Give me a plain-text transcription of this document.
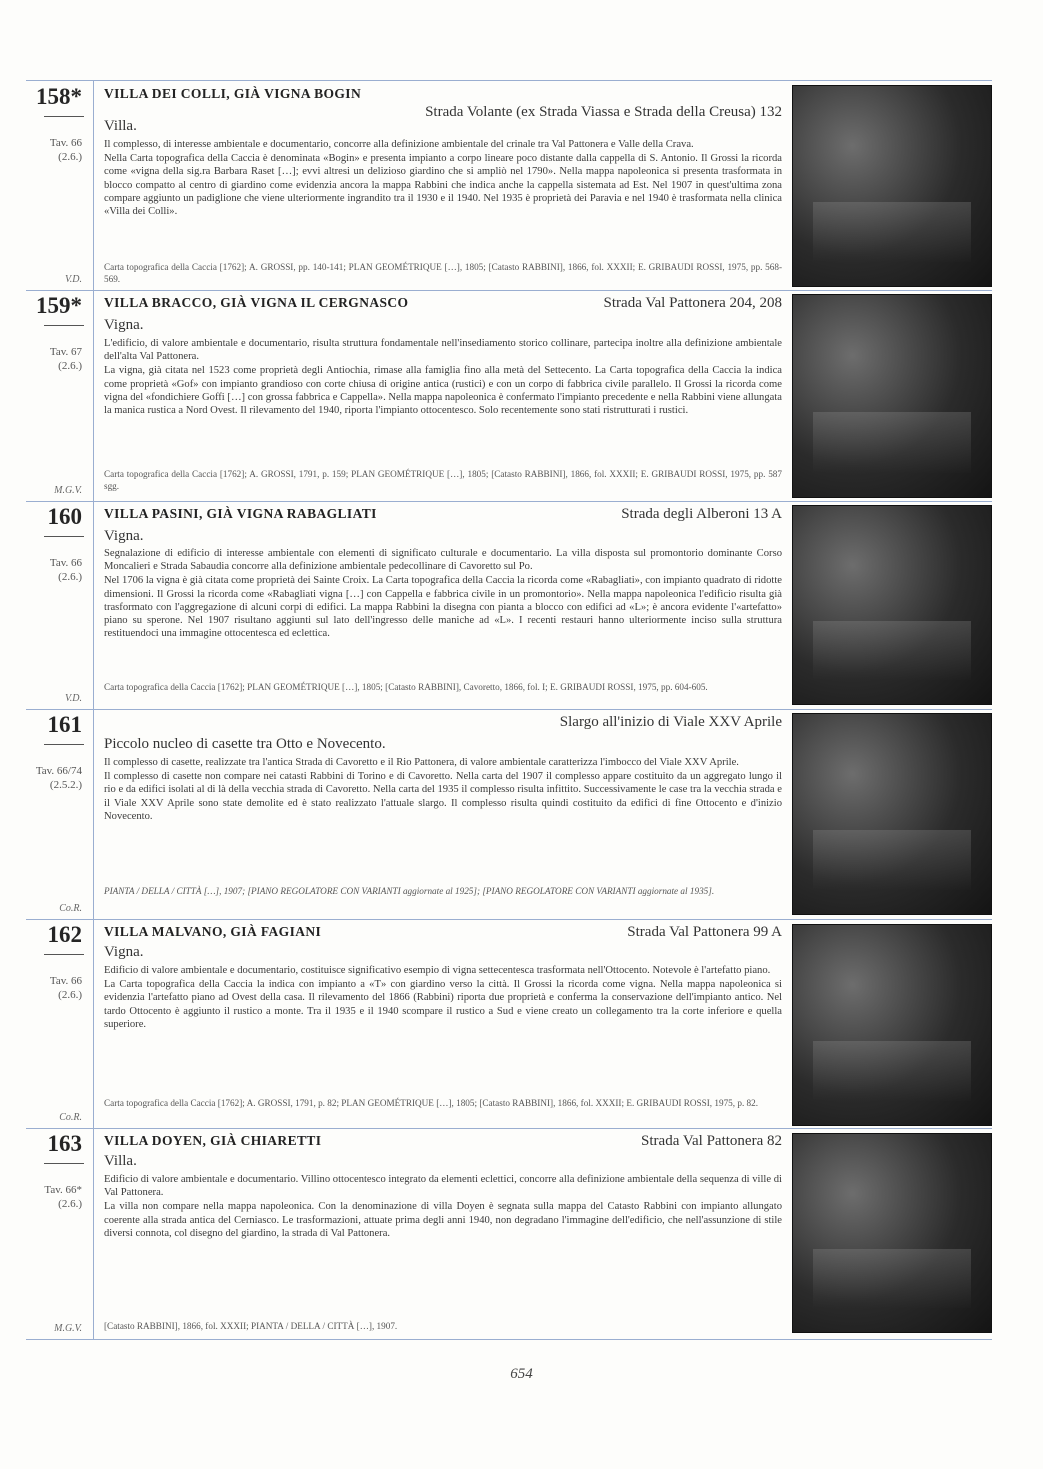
158*
Tav. 66
(2.6.)
V.D.
VILLA DEI COLLI, GIÀ VIGNA BOGIN
Strada Volante (ex Strada Viassa e Strada della Creusa) 132
Villa.

Il complesso, di interesse ambientale e documentario, concorre alla definizione ambientale del crinale tra Val Pattonera e Valle della Crava.

Nella Carta topografica della Caccia è denominata «Bogin» e presenta impianto a corpo lineare poco distante dalla cappella di S. Antonio. Il Grossi la ricorda come «vigna della sig.ra Barbara Raset […]; evvi altresi un delizioso giardino che si ampliò nel 1790». Nella mappa napoleonica si presenta trasformata in blocco compatto al centro di giardino come evidenzia ancora la mappa Rabbini che indica anche la cappella sistemata ad Est. Nel 1907 in quest'ultima zona compare aggiunto un padiglione che viene ulteriormente ingrandito tra il 1930 e il 1940. Nel 1935 è proprietà dei Paravia e nel 1940 è trasformata nella clinica «Villa dei Colli».

Carta topografica della Caccia [1762]; A. GROSSI, pp. 140-141; PLAN GEOMÉTRIQUE […], 1805; [Catasto RABBINI], 1866, fol. XXXII; E. GRIBAUDI ROSSI, 1975, pp. 568-569.
159*
Tav. 67
(2.6.)
M.G.V.
VILLA BRACCO, GIÀ VIGNA IL CERGNASCO	Strada Val Pattonera 204, 208
Vigna.

L'edificio, di valore ambientale e documentario, risulta struttura fondamentale nell'insediamento storico collinare, partecipa inoltre alla definizione ambientale dell'alta Val Pattonera.

La vigna, già citata nel 1523 come proprietà degli Antiochia, rimase alla famiglia fino alla metà del Settecento. La Carta topografica della Caccia la indica come proprietà «Gof» con impianto grandioso con corte chiusa di origine antica (rustici) e con un corpo di fabbrica civile parallelo. Il Grossi la ricorda come vigna del «fondichiere Goffi […] con grossa fabbrica e Cappella». Nella mappa napoleonica è confermato l'impianto precedente e nella Rabbini viene allungata la manica rustica a Nord Ovest. Il rilevamento del 1940, riporta l'impianto ottocentesco. Solo recentemente sono stati ristrutturati i rustici.

Carta topografica della Caccia [1762]; A. GROSSI, 1791, p. 159; PLAN GEOMÉTRIQUE […], 1805; [Catasto RABBINI], 1866, fol. XXXII; E. GRIBAUDI ROSSI, 1975, pp. 587 sgg.
160
Tav. 66
(2.6.)
V.D.
VILLA PASINI, GIÀ VIGNA RABAGLIATI	Strada degli Alberoni 13 A
Vigna.

Segnalazione di edificio di interesse ambientale con elementi di significato culturale e documentario. La villa disposta sul promontorio dominante Corso Moncalieri e Strada Sabaudia concorre alla definizione ambientale pedecollinare di Cavoretto sul Po.

Nel 1706 la vigna è già citata come proprietà dei Sainte Croix. La Carta topografica della Caccia la ricorda come «Rabagliati», con impianto quadrato di ridotte dimensioni. Il Grossi la ricorda come «Rabagliati vigna […] con Cappella e fabbrica civile in un promontorio». Nella mappa napoleonica l'edificio risulta già trasformato con l'aggregazione di alcuni corpi di edifici. La mappa Rabbini la disegna con pianta a blocco con edifici ad «L»; è ancora evidente l'«artefatto» piano su sperone. Nel 1907 risultano aggiunti sul lato dell'ingresso delle maniche ad «L». I recenti restauri hanno ulteriormente inciso sulla struttura restituendoci una immagine ottocentesca ed eclettica.

Carta topografica della Caccia [1762]; PLAN GEOMÉTRIQUE […], 1805; [Catasto RABBINI], Cavoretto, 1866, fol. I; E. GRIBAUDI ROSSI, 1975, pp. 604-605.
161
Tav. 66/74
(2.5.2.)
Co.R.
Slargo all'inizio di Viale XXV Aprile
Piccolo nucleo di casette tra Otto e Novecento.

Il complesso di casette, realizzate tra l'antica Strada di Cavoretto e il Rio Pattonera, di valore ambientale caratterizza l'imbocco del Viale XXV Aprile.

Il complesso di casette non compare nei catasti Rabbini di Torino e di Cavoretto. Nella carta del 1907 il complesso appare costituito da un aggregato lungo il rio e da edifici isolati al di là della vecchia strada di Cavoretto. Nella carta del 1935 il complesso risulta infittito. Successivamente le case tra la vecchia strada e il Viale XXV Aprile sono state demolite ed è stato realizzato l'attuale slargo. Il complesso risulta quindi costituito da edifici di fine Ottocento e d'inizio Novecento.

PIANTA / DELLA / CITTÀ […], 1907; [PIANO REGOLATORE CON VARIANTI aggiornate al 1925]; [PIANO REGOLATORE CON VARIANTI aggiornate al 1935].
162
Tav. 66
(2.6.)
Co.R.
VILLA MALVANO, GIÀ FAGIANI	Strada Val Pattonera 99 A
Vigna.

Edificio di valore ambientale e documentario, costituisce significativo esempio di vigna settecentesca trasformata nell'Ottocento. Notevole è l'artefatto piano.

La Carta topografica della Caccia la indica con impianto a «T» con giardino verso la città. Il Grossi la ricorda come vigna. Nella mappa napoleonica si evidenzia l'artefatto piano ad Ovest della casa. Il rilevamento del 1866 (Rabbini) riporta due proprietà e conferma la conservazione dell'impianto antico. Nel tardo Ottocento è aggiunto il rustico a monte. Tra il 1935 e il 1940 scompare il rustico a Sud e viene creato un collegamento tra la corte inferiore e quella superiore.

Carta topografica della Caccia [1762]; A. GROSSI, 1791, p. 82; PLAN GEOMÉTRIQUE […], 1805; [Catasto RABBINI], 1866, fol. XXXII; E. GRIBAUDI ROSSI, 1975, p. 82.
163
Tav. 66*
(2.6.)
M.G.V.
VILLA DOYEN, GIÀ CHIARETTI	Strada Val Pattonera 82
Villa.

Edificio di valore ambientale e documentario. Villino ottocentesco integrato da elementi eclettici, concorre alla definizione ambientale della sequenza di ville di Val Pattonera.

La villa non compare nella mappa napoleonica. Con la denominazione di villa Doyen è segnata sulla mappa del Catasto Rabbini con impianto allungato coerente alla strada antica del Cerniasco. Le trasformazioni, attuate prima degli anni 1940, non degradano l'immagine dell'edificio, che nell'assunzione di stile diversi connota, col disegno del giardino, la strada di Val Pattonera.

[Catasto RABBINI], 1866, fol. XXXII; PIANTA / DELLA / CITTÀ […], 1907.
654
